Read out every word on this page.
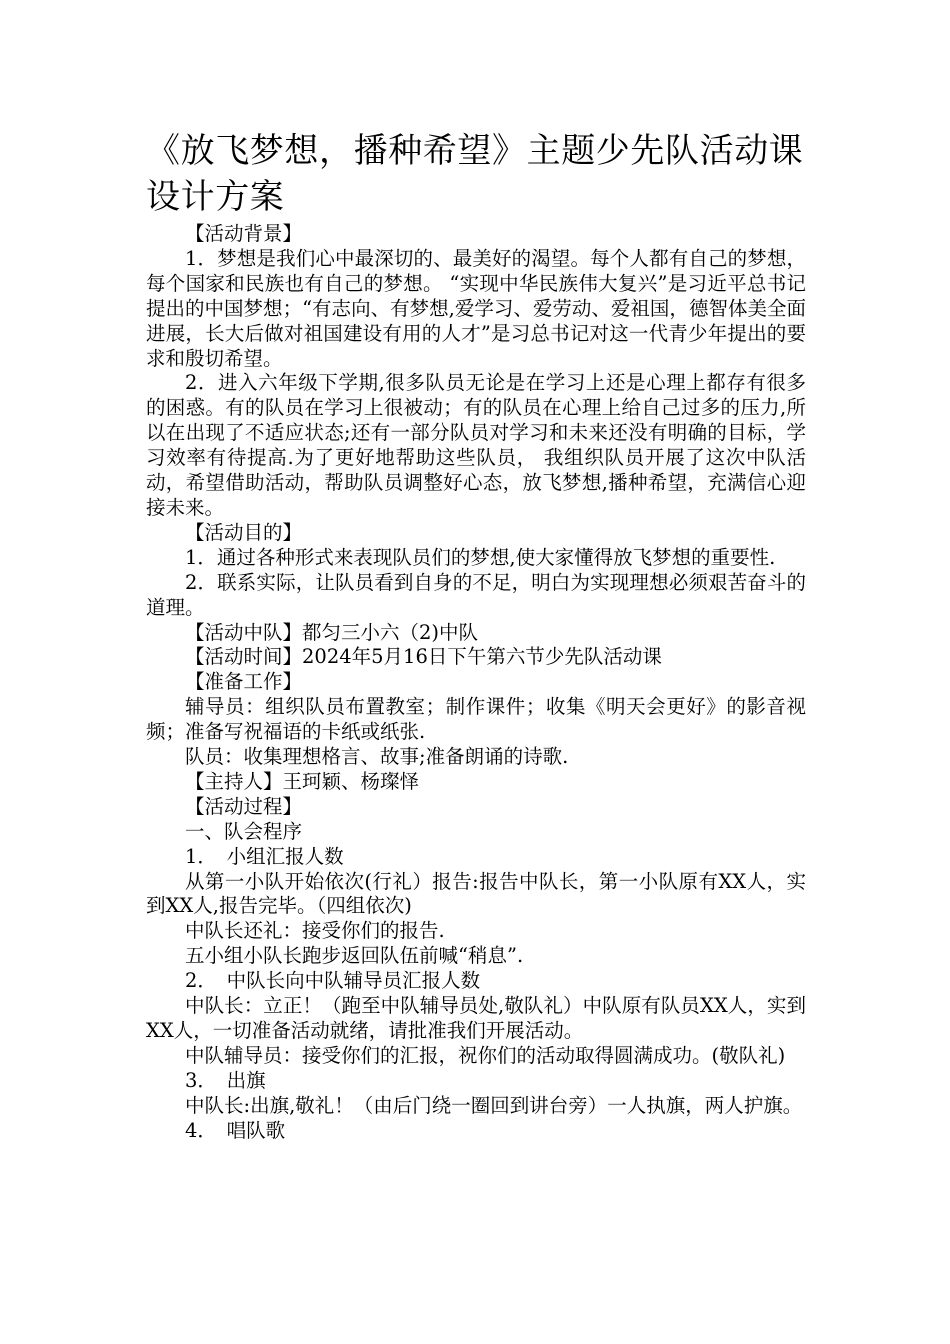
《放飞梦想，播种希望》主题少先队活动课设计方案

【活动背景】

1．梦想是我们心中最深切的、最美好的渴望。每个人都有自己的梦想，每个国家和民族也有自己的梦想。 “实现中华民族伟大复兴”是习近平总书记提出的中国梦想；“有志向、有梦想,爱学习、爱劳动、爱祖国，德智体美全面进展，长大后做对祖国建设有用的人才”是习总书记对这一代青少年提出的要求和殷切希望。

2．进入六年级下学期,很多队员无论是在学习上还是心理上都存有很多的困惑。有的队员在学习上很被动；有的队员在心理上给自己过多的压力,所以在出现了不适应状态;还有一部分队员对学习和未来还没有明确的目标，学习效率有待提高.为了更好地帮助这些队员， 我组织队员开展了这次中队活动，希望借助活动，帮助队员调整好心态，放飞梦想,播种希望，充满信心迎接未来。

【活动目的】

1．通过各种形式来表现队员们的梦想,使大家懂得放飞梦想的重要性.

2．联系实际，让队员看到自身的不足，明白为实现理想必须艰苦奋斗的道理。

【活动中队】都匀三小六（2)中队

【活动时间】2024年5月16日下午第六节少先队活动课

【准备工作】

辅导员：组织队员布置教室；制作课件；收集《明天会更好》的影音视频；准备写祝福语的卡纸或纸张.

队员：收集理想格言、故事;准备朗诵的诗歌.

【主持人】王珂颖、杨璨怿

【活动过程】

一、队会程序

1．　小组汇报人数

从第一小队开始依次(行礼）报告:报告中队长，第一小队原有XX人，实到XX人,报告完毕。（四组依次)

中队长还礼：接受你们的报告.

五小组小队长跑步返回队伍前喊“稍息”.

2．　中队长向中队辅导员汇报人数

中队长：立正！（跑至中队辅导员处,敬队礼）中队原有队员XX人，实到XX人，一切准备活动就绪，请批准我们开展活动。

中队辅导员：接受你们的汇报，祝你们的活动取得圆满成功。(敬队礼)

3．　出旗

中队长:出旗,敬礼！（由后门绕一圈回到讲台旁）一人执旗，两人护旗。

4．　唱队歌
